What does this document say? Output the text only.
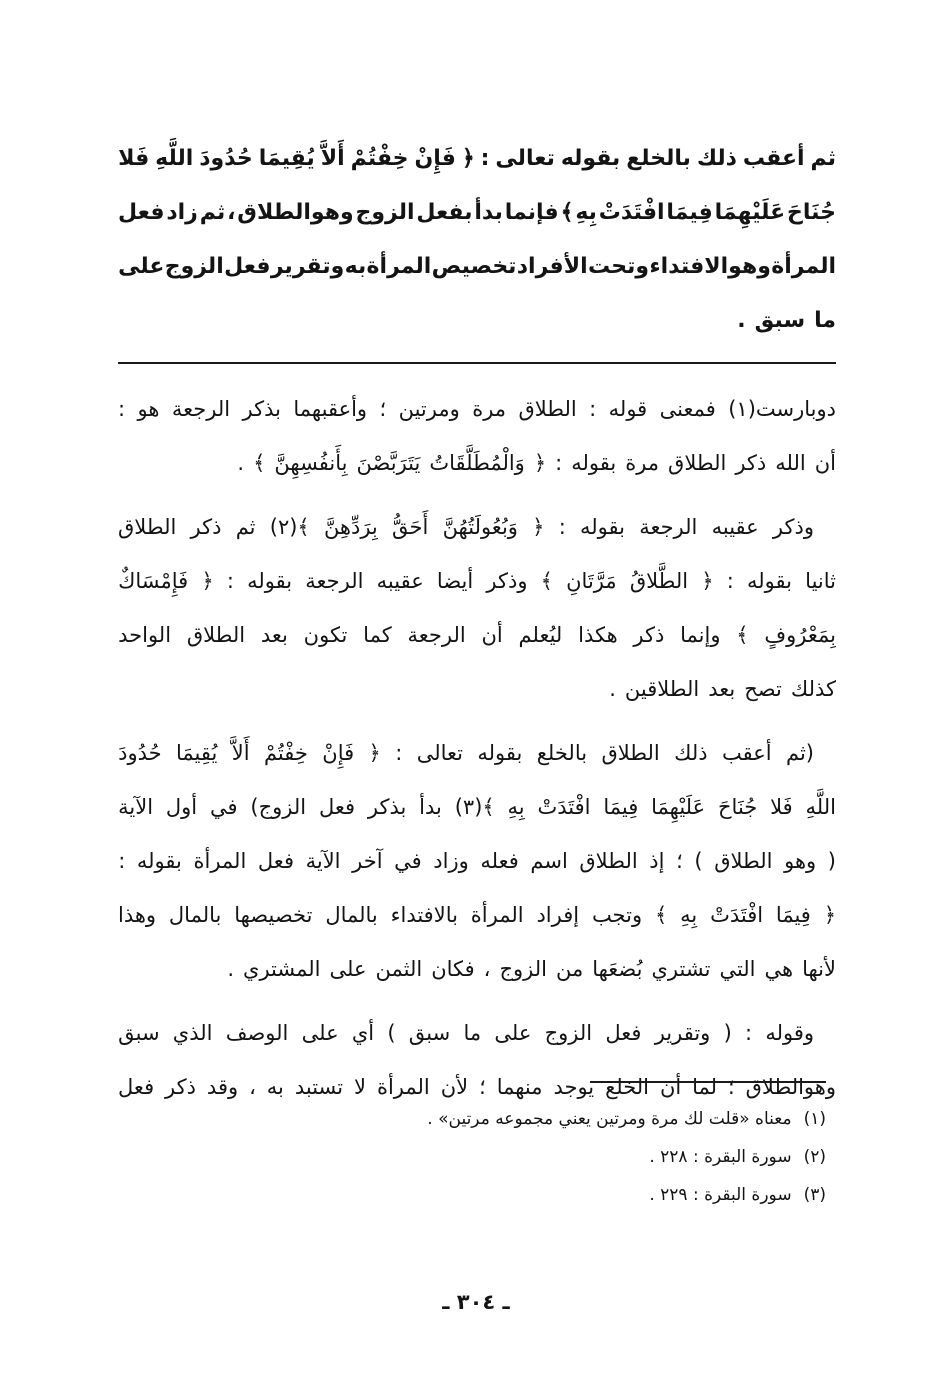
ثم
أعقب
ذلك
بالخلع
بقوله
تعالى
:
﴿
فَإِنْ
خِفْتُمْ
أَلاَّ
يُقِيمَا
حُدُودَ
اللَّهِ
فَلا
جُنَاحَ
عَلَيْهِمَا
فِيمَا
افْتَدَتْ
بِهِ
﴾
فإنما
بدأ
بفعل
الزوج
وهوالطلاق
،
ثم
زاد
فعل
المرأة
وهوالافتداء
وتحت
الأفراد
تخصيص
المرأة
به
وتقرير
فعل
الزوج
على
ما
سبق
.
دوبارست(١)
فمعنى
قوله
:
الطلاق
مرة
ومرتين
؛
وأعقبهما
بذكر
الرجعة
هو
:
أن
الله
ذكر
الطلاق
مرة
بقوله
:
﴿
وَالْمُطَلَّقَاتُ
يَتَرَبَّصْنَ
بِأَنفُسِهِنَّ
﴾
.
وذكر
عقيبه
الرجعة
بقوله
:
﴿
وَبُعُولَتُهُنَّ
أَحَقُّ
بِرَدِّهِنَّ
﴾(٢)
ثم
ذكر
الطلاق
ثانيا
بقوله
:
﴿
الطَّلاقُ
مَرَّتَانِ
﴾
وذكر
أيضا
عقيبه
الرجعة
بقوله
:
﴿
فَإِمْسَاكٌ
بِمَعْرُوفٍ
﴾
وإنما
ذكر
هكذا
ليُعلم
أن
الرجعة
كما
تكون
بعد
الطلاق
الواحد
كذلك
تصح
بعد
الطلاقين
.
(ثم
أعقب
ذلك
الطلاق
بالخلع
بقوله
تعالى
:
﴿
فَإِنْ
خِفْتُمْ
أَلاَّ
يُقِيمَا
حُدُودَ
اللَّهِ
فَلا
جُنَاحَ
عَلَيْهِمَا
فِيمَا
افْتَدَتْ
بِهِ
﴾(٣)
بدأ
بذكر
فعل
الزوج)
في
أول
الآية
(
وهو
الطلاق
)
؛
إذ
الطلاق
اسم
فعله
وزاد
في
آخر
الآية
فعل
المرأة
بقوله
:
﴿
فِيمَا
افْتَدَتْ
بِهِ
﴾
وتجب
إفراد
المرأة
بالافتداء
بالمال
تخصيصها
بالمال
وهذا
لأنها
هي
التي
تشتري
بُضعَها
من
الزوج
،
فكان
الثمن
على
المشتري
.
وقوله
:
(
وتقرير
فعل
الزوج
على
ما
سبق
)
أي
على
الوصف
الذي
سبق
وهوالطلاق
؛
لما
أن
الخلع
يوجد
منهما
؛
لأن
المرأة
لا
تستبد
به
،
وقد
ذكر
فعل
(١)معناه «قلت لك مرة ومرتين يعني مجموعه مرتين» .
(٢)سورة البقرة : ٢٢٨ .
(٣)سورة البقرة : ٢٢٩ .
ـ ٣٠٤ ـ
